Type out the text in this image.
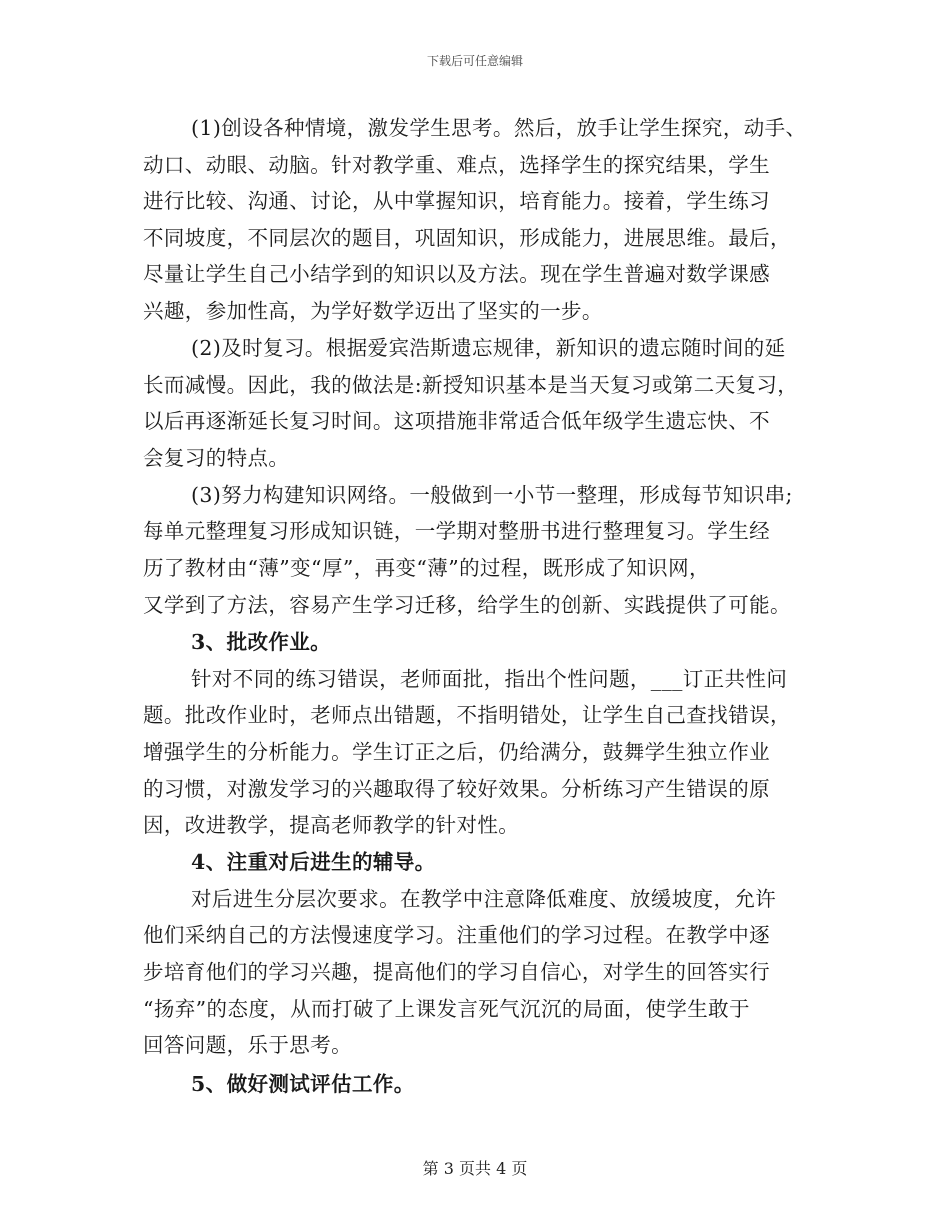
下载后可任意编辑
(1)创设各种情境，激发学生思考。然后，放手让学生探究，动手、
动口、动眼、动脑。针对教学重、难点，选择学生的探究结果，学生
进行比较、沟通、讨论，从中掌握知识，培育能力。接着，学生练习
不同坡度，不同层次的题目，巩固知识，形成能力，进展思维。最后，
尽量让学生自己小结学到的知识以及方法。现在学生普遍对数学课感
兴趣，参加性高，为学好数学迈出了坚实的一步。
(2)及时复习。根据爱宾浩斯遗忘规律，新知识的遗忘随时间的延
长而减慢。因此，我的做法是:新授知识基本是当天复习或第二天复习，
以后再逐渐延长复习时间。这项措施非常适合低年级学生遗忘快、不
会复习的特点。
(3)努力构建知识网络。一般做到一小节一整理，形成每节知识串;
每单元整理复习形成知识链，一学期对整册书进行整理复习。学生经
历了教材由“薄”变“厚”，再变“薄”的过程，既形成了知识网，
又学到了方法，容易产生学习迁移，给学生的创新、实践提供了可能。
3、批改作业。
针对不同的练习错误，老师面批，指出个性问题，___订正共性问
题。批改作业时，老师点出错题，不指明错处，让学生自己查找错误，
增强学生的分析能力。学生订正之后，仍给满分，鼓舞学生独立作业
的习惯，对激发学习的兴趣取得了较好效果。分析练习产生错误的原
因，改进教学，提高老师教学的针对性。
4、注重对后进生的辅导。
对后进生分层次要求。在教学中注意降低难度、放缓坡度，允许
他们采纳自己的方法慢速度学习。注重他们的学习过程。在教学中逐
步培育他们的学习兴趣，提高他们的学习自信心，对学生的回答实行
“扬弃”的态度，从而打破了上课发言死气沉沉的局面，使学生敢于
回答问题，乐于思考。
5、做好测试评估工作。
第 3 页共 4 页
